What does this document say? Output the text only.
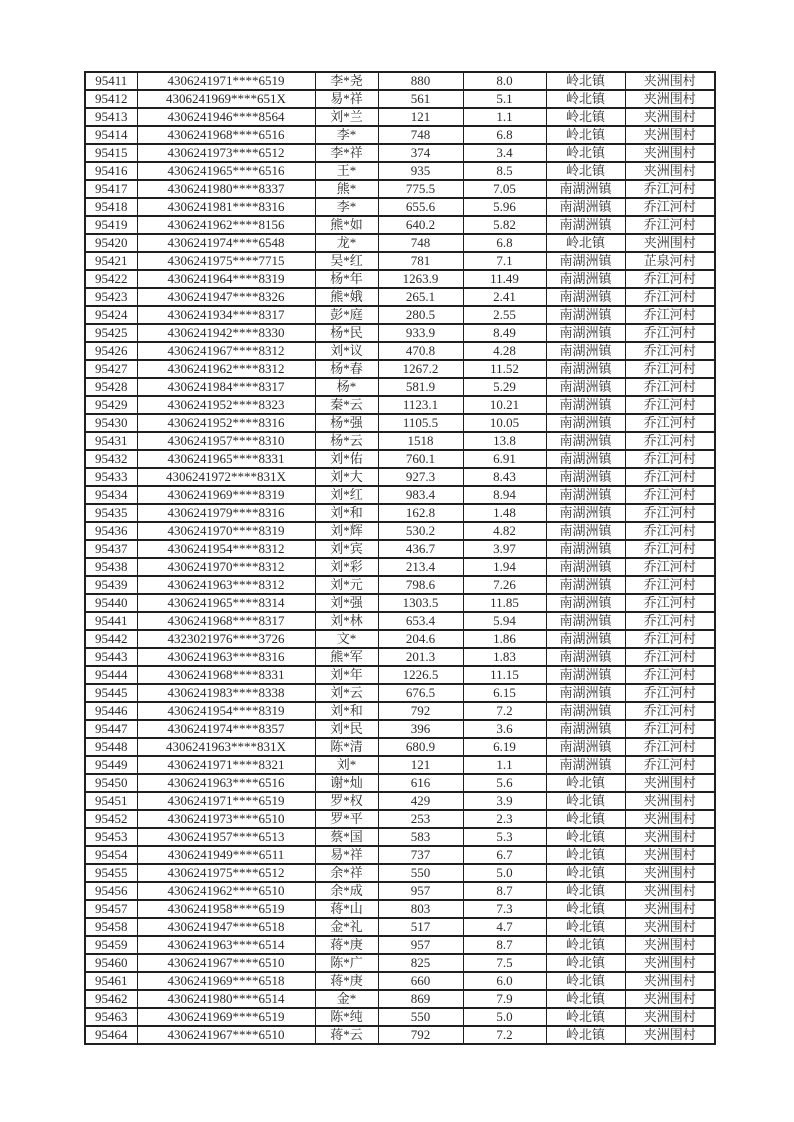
95411	4306241971****6519	李*尧	880	8.0	岭北镇	夹洲围村
95412	4306241969****651X	易*祥	561	5.1	岭北镇	夹洲围村
95413	4306241946****8564	刘*兰	121	1.1	岭北镇	夹洲围村
95414	4306241968****6516	李*	748	6.8	岭北镇	夹洲围村
95415	4306241973****6512	李*祥	374	3.4	岭北镇	夹洲围村
95416	4306241965****6516	王*	935	8.5	岭北镇	夹洲围村
95417	4306241980****8337	熊*	775.5	7.05	南湖洲镇	乔江河村
95418	4306241981****8316	李*	655.6	5.96	南湖洲镇	乔江河村
95419	4306241962****8156	熊*如	640.2	5.82	南湖洲镇	乔江河村
95420	4306241974****6548	龙*	748	6.8	岭北镇	夹洲围村
95421	4306241975****7715	吴*红	781	7.1	南湖洲镇	芷泉河村
95422	4306241964****8319	杨*年	1263.9	11.49	南湖洲镇	乔江河村
95423	4306241947****8326	熊*娥	265.1	2.41	南湖洲镇	乔江河村
95424	4306241934****8317	彭*庭	280.5	2.55	南湖洲镇	乔江河村
95425	4306241942****8330	杨*民	933.9	8.49	南湖洲镇	乔江河村
95426	4306241967****8312	刘*议	470.8	4.28	南湖洲镇	乔江河村
95427	4306241962****8312	杨*春	1267.2	11.52	南湖洲镇	乔江河村
95428	4306241984****8317	杨*	581.9	5.29	南湖洲镇	乔江河村
95429	4306241952****8323	秦*云	1123.1	10.21	南湖洲镇	乔江河村
95430	4306241952****8316	杨*强	1105.5	10.05	南湖洲镇	乔江河村
95431	4306241957****8310	杨*云	1518	13.8	南湖洲镇	乔江河村
95432	4306241965****8331	刘*佑	760.1	6.91	南湖洲镇	乔江河村
95433	4306241972****831X	刘*大	927.3	8.43	南湖洲镇	乔江河村
95434	4306241969****8319	刘*红	983.4	8.94	南湖洲镇	乔江河村
95435	4306241979****8316	刘*和	162.8	1.48	南湖洲镇	乔江河村
95436	4306241970****8319	刘*辉	530.2	4.82	南湖洲镇	乔江河村
95437	4306241954****8312	刘*宾	436.7	3.97	南湖洲镇	乔江河村
95438	4306241970****8312	刘*彩	213.4	1.94	南湖洲镇	乔江河村
95439	4306241963****8312	刘*元	798.6	7.26	南湖洲镇	乔江河村
95440	4306241965****8314	刘*强	1303.5	11.85	南湖洲镇	乔江河村
95441	4306241968****8317	刘*林	653.4	5.94	南湖洲镇	乔江河村
95442	4323021976****3726	文*	204.6	1.86	南湖洲镇	乔江河村
95443	4306241963****8316	熊*军	201.3	1.83	南湖洲镇	乔江河村
95444	4306241968****8331	刘*年	1226.5	11.15	南湖洲镇	乔江河村
95445	4306241983****8338	刘*云	676.5	6.15	南湖洲镇	乔江河村
95446	4306241954****8319	刘*和	792	7.2	南湖洲镇	乔江河村
95447	4306241974****8357	刘*民	396	3.6	南湖洲镇	乔江河村
95448	4306241963****831X	陈*清	680.9	6.19	南湖洲镇	乔江河村
95449	4306241971****8321	刘*	121	1.1	南湖洲镇	乔江河村
95450	4306241963****6516	谢*灿	616	5.6	岭北镇	夹洲围村
95451	4306241971****6519	罗*权	429	3.9	岭北镇	夹洲围村
95452	4306241973****6510	罗*平	253	2.3	岭北镇	夹洲围村
95453	4306241957****6513	蔡*国	583	5.3	岭北镇	夹洲围村
95454	4306241949****6511	易*祥	737	6.7	岭北镇	夹洲围村
95455	4306241975****6512	余*祥	550	5.0	岭北镇	夹洲围村
95456	4306241962****6510	余*成	957	8.7	岭北镇	夹洲围村
95457	4306241958****6519	蒋*山	803	7.3	岭北镇	夹洲围村
95458	4306241947****6518	金*礼	517	4.7	岭北镇	夹洲围村
95459	4306241963****6514	蒋*庚	957	8.7	岭北镇	夹洲围村
95460	4306241967****6510	陈*广	825	7.5	岭北镇	夹洲围村
95461	4306241969****6518	蒋*庚	660	6.0	岭北镇	夹洲围村
95462	4306241980****6514	金*	869	7.9	岭北镇	夹洲围村
95463	4306241969****6519	陈*纯	550	5.0	岭北镇	夹洲围村
95464	4306241967****6510	蒋*云	792	7.2	岭北镇	夹洲围村
